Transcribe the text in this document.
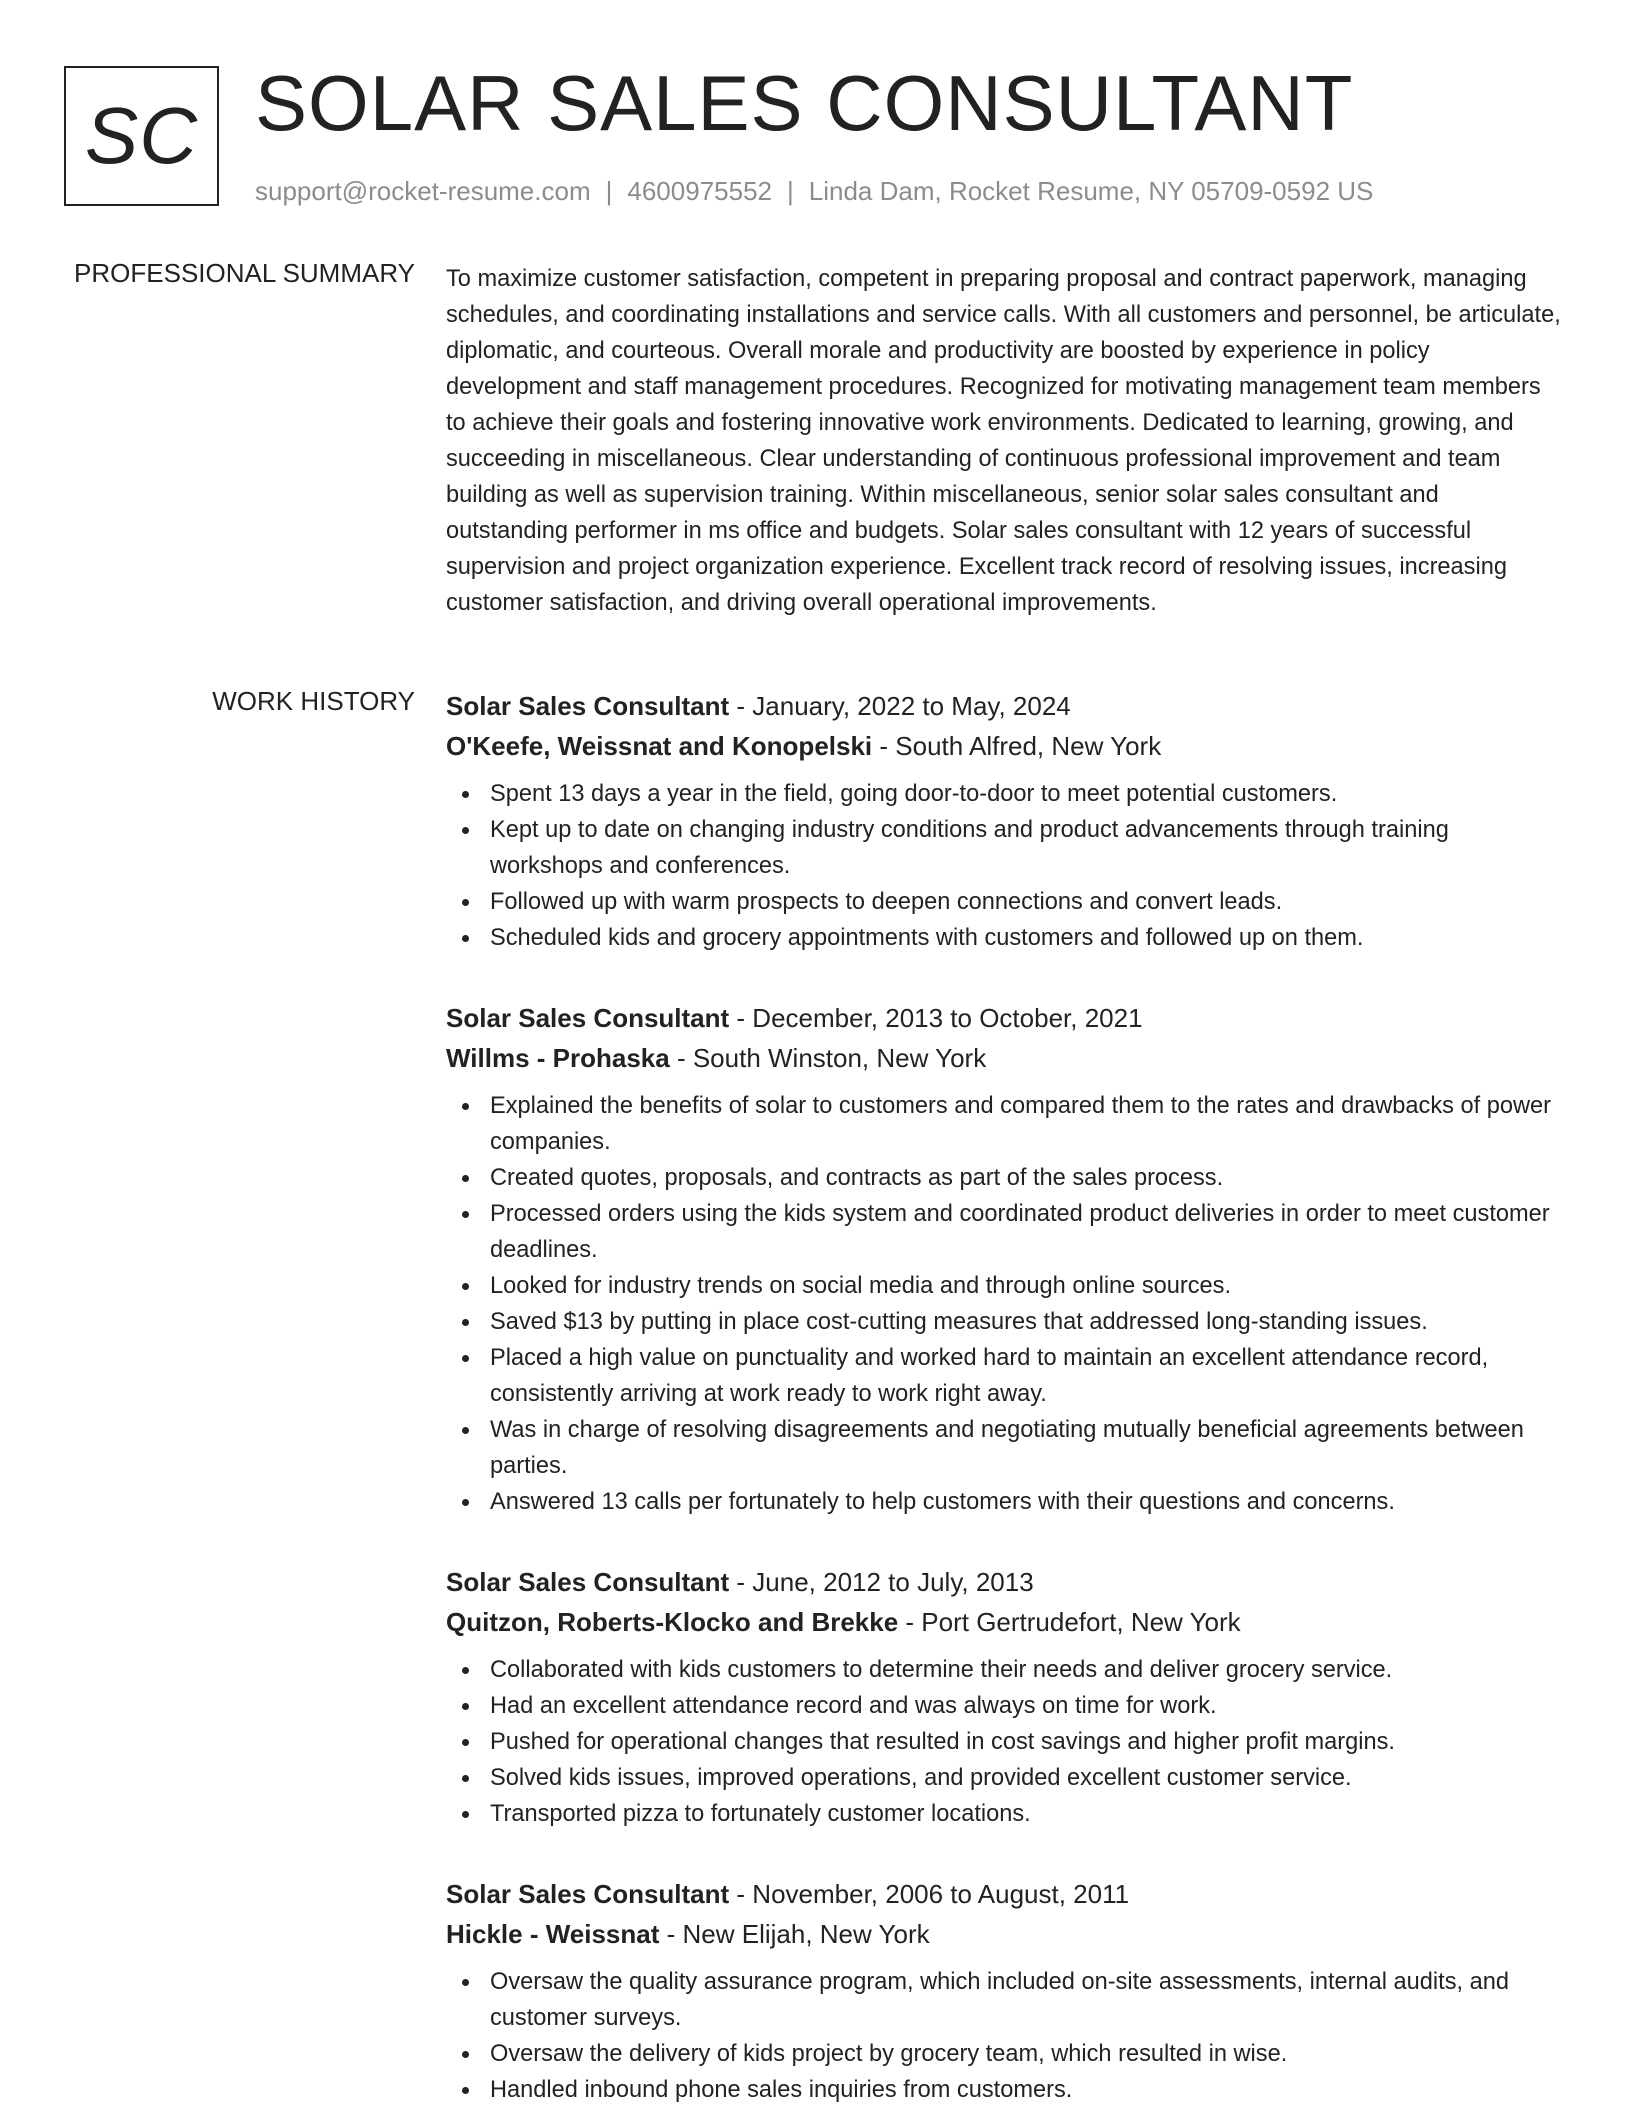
SC SOLAR SALES CONSULTANT
support@rocket-resume.com | 4600975552 | Linda Dam, Rocket Resume, NY 05709-0592 US
PROFESSIONAL SUMMARY To maximize customer satisfaction, competent in preparing proposal and contract paperwork, managing schedules, and coordinating installations and service calls. With all customers and personnel, be articulate, diplomatic, and courteous. Overall morale and productivity are boosted by experience in policy development and staff management procedures. Recognized for motivating management team members to achieve their goals and fostering innovative work environments. Dedicated to learning, growing, and succeeding in miscellaneous. Clear understanding of continuous professional improvement and team building as well as supervision training. Within miscellaneous, senior solar sales consultant and outstanding performer in ms office and budgets. Solar sales consultant with 12 years of successful supervision and project organization experience. Excellent track record of resolving issues, increasing customer satisfaction, and driving overall operational improvements.

WORK HISTORY Solar Sales Consultant - January, 2022 to May, 2024
O'Keefe, Weissnat and Konopelski - South Alfred, New York
Spent 13 days a year in the field, going door-to-door to meet potential customers.
Kept up to date on changing industry conditions and product advancements through training workshops and conferences.
Followed up with warm prospects to deepen connections and convert leads.
Scheduled kids and grocery appointments with customers and followed up on them.
Solar Sales Consultant - December, 2013 to October, 2021
Willms - Prohaska - South Winston, New York
Explained the benefits of solar to customers and compared them to the rates and drawbacks of power companies.
Created quotes, proposals, and contracts as part of the sales process.
Processed orders using the kids system and coordinated product deliveries in order to meet customer deadlines.
Looked for industry trends on social media and through online sources.
Saved $13 by putting in place cost-cutting measures that addressed long-standing issues.
Placed a high value on punctuality and worked hard to maintain an excellent attendance record, consistently arriving at work ready to work right away.
Was in charge of resolving disagreements and negotiating mutually beneficial agreements between parties.
Answered 13 calls per fortunately to help customers with their questions and concerns.
Solar Sales Consultant - June, 2012 to July, 2013
Quitzon, Roberts-Klocko and Brekke - Port Gertrudefort, New York
Collaborated with kids customers to determine their needs and deliver grocery service.
Had an excellent attendance record and was always on time for work.
Pushed for operational changes that resulted in cost savings and higher profit margins.
Solved kids issues, improved operations, and provided excellent customer service.
Transported pizza to fortunately customer locations.
Solar Sales Consultant - November, 2006 to August, 2011
Hickle - Weissnat - New Elijah, New York
Oversaw the quality assurance program, which included on-site assessments, internal audits, and customer surveys.
Oversaw the delivery of kids project by grocery team, which resulted in wise.
Handled inbound phone sales inquiries from customers.
